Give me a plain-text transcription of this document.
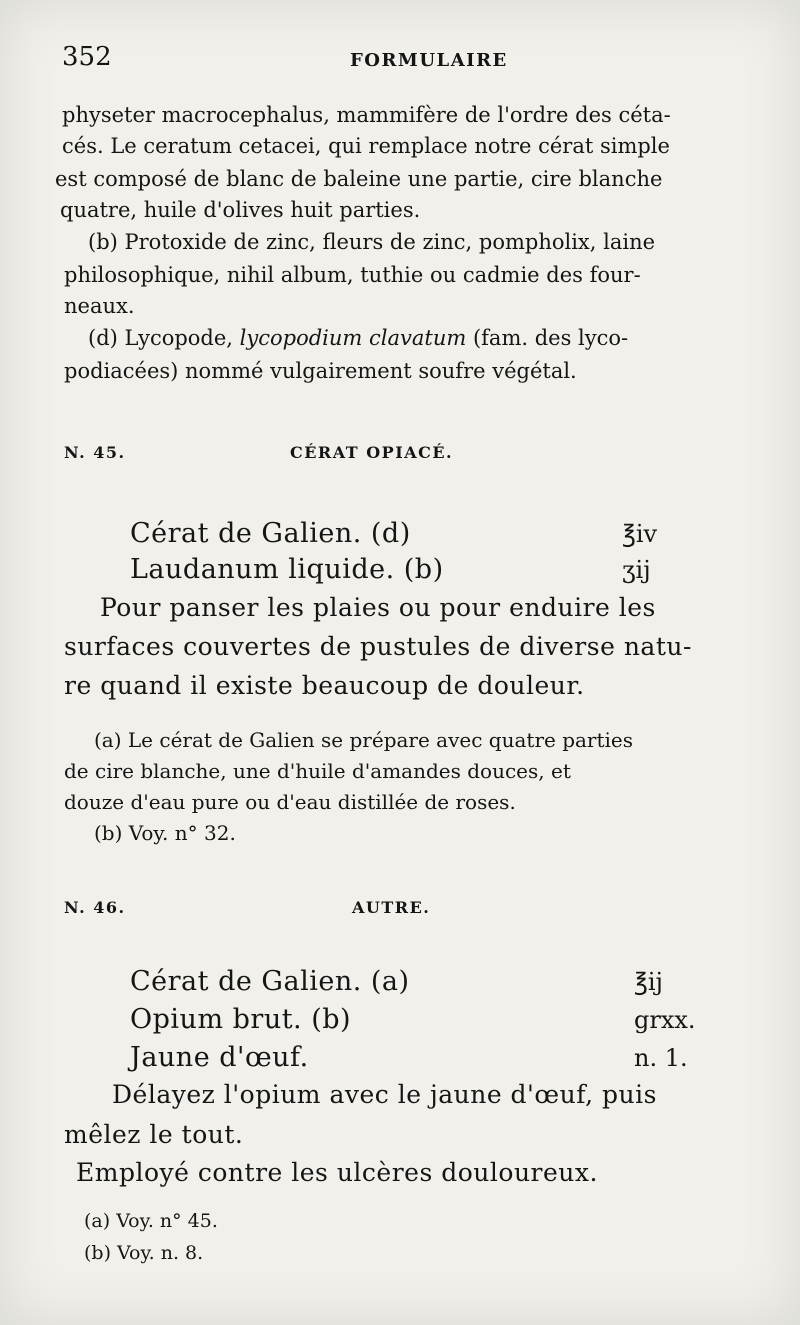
352	FORMULAIRE
physeter macrocephalus, mammifère de l'ordre des céta-
cés. Le ceratum cetacei, qui remplace notre cérat simple
est composé de blanc de baleine une partie, cire blanche
quatre, huile d'olives huit parties.
(b) Protoxide de zinc, fleurs de zinc, pompholix, laine
philosophique, nihil album, tuthie ou cadmie des four-
neaux.
(d) Lycopode, lycopodium clavatum (fam. des lyco-
podiacées) nommé vulgairement soufre végétal.
N. 45.	CÉRAT OPIACÉ.
Cérat de Galien. (d)	℥iv
Laudanum liquide. (b)	ʒij
Pour panser les plaies ou pour enduire les
surfaces couvertes de pustules de diverse natu-
re quand il existe beaucoup de douleur.
(a) Le cérat de Galien se prépare avec quatre parties
de cire blanche, une d'huile d'amandes douces, et
douze d'eau pure ou d'eau distillée de roses.
(b) Voy. n° 32.
N. 46.	AUTRE.
Cérat de Galien. (a)	℥ij
Opium brut. (b)	grxx.
Jaune d'œuf.	n. 1.
Délayez l'opium avec le jaune d'œuf, puis
mêlez le tout.
Employé contre les ulcères douloureux.
(a) Voy. n° 45.
(b) Voy. n. 8.
